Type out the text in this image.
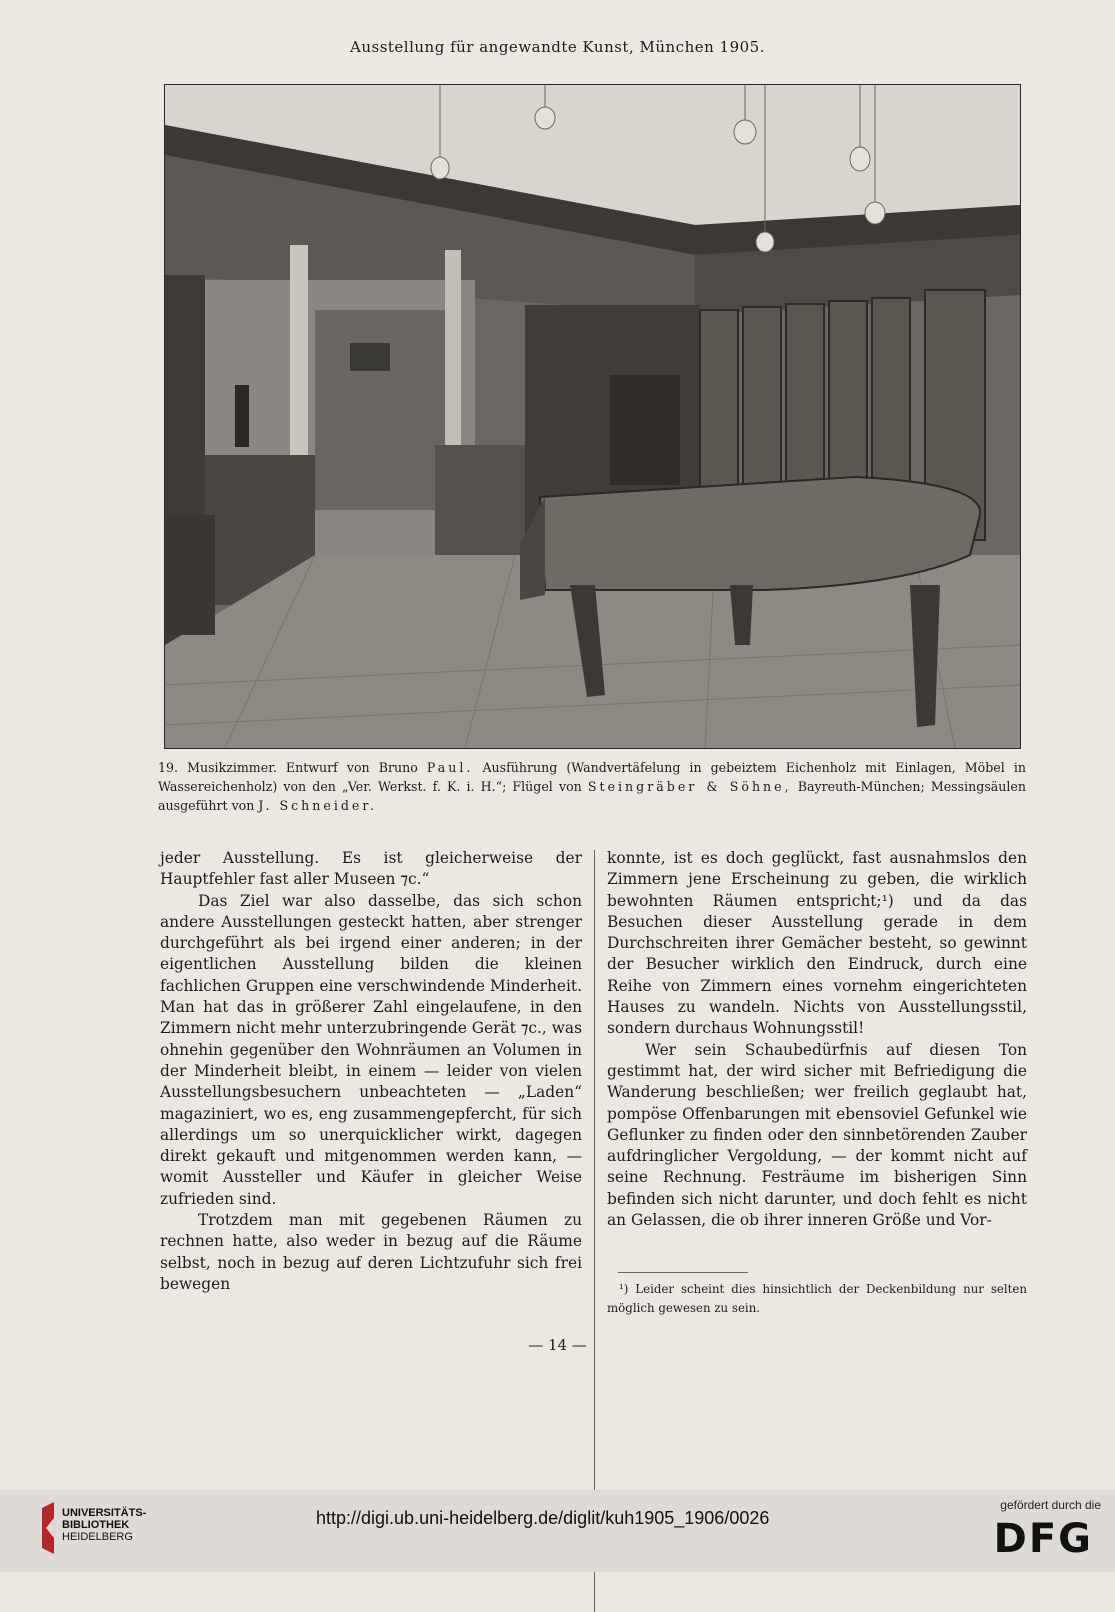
Ausstellung für angewandte Kunst, München 1905.
19. Musikzimmer. Entwurf von Bruno Paul. Ausführung (Wandvertäfelung in gebeiztem Eichenholz mit Einlagen, Möbel in Wassereichenholz) von den „Ver. Werkst. f. K. i. H.“; Flügel von Steingräber & Söhne, Bayreuth-München; Messingsäulen ausgeführt von J. Schneider.

jeder Ausstellung. Es ist gleicherweise der Hauptfehler fast aller Museen ⁊c.“

Das Ziel war also dasselbe, das sich schon andere Ausstellungen gesteckt hatten, aber strenger durchgeführt als bei irgend einer anderen; in der eigentlichen Ausstellung bilden die kleinen fachlichen Gruppen eine verschwindende Minderheit. Man hat das in größerer Zahl eingelaufene, in den Zimmern nicht mehr unterzubringende Gerät ⁊c., was ohnehin gegenüber den Wohnräumen an Volumen in der Minderheit bleibt, in einem — leider von vielen Ausstellungsbesuchern unbeachteten — „Laden“ magaziniert, wo es, eng zusammengepfercht, für sich allerdings um so unerquicklicher wirkt, dagegen direkt gekauft und mitgenommen werden kann, — womit Aussteller und Käufer in gleicher Weise zufrieden sind.

Trotzdem man mit gegebenen Räumen zu rechnen hatte, also weder in bezug auf die Räume selbst, noch in bezug auf deren Lichtzufuhr sich frei bewegen

konnte, ist es doch geglückt, fast ausnahmslos den Zimmern jene Erscheinung zu geben, die wirklich bewohnten Räumen entspricht;¹) und da das Besuchen dieser Ausstellung gerade in dem Durchschreiten ihrer Gemächer besteht, so gewinnt der Besucher wirklich den Eindruck, durch eine Reihe von Zimmern eines vornehm eingerichteten Hauses zu wandeln. Nichts von Ausstellungsstil, sondern durchaus Wohnungsstil!

Wer sein Schaubedürfnis auf diesen Ton gestimmt hat, der wird sicher mit Befriedigung die Wanderung beschließen; wer freilich geglaubt hat, pompöse Offenbarungen mit ebensoviel Gefunkel wie Geflunker zu finden oder den sinnbetörenden Zauber aufdringlicher Vergoldung, — der kommt nicht auf seine Rechnung. Festräume im bisherigen Sinn befinden sich nicht darunter, und doch fehlt es nicht an Gelassen, die ob ihrer inneren Größe und Vor-

¹) Leider scheint dies hinsichtlich der Deckenbildung nur selten möglich gewesen zu sein.
— 14 —
UNIVERSITÄTS-
BIBLIOTHEK
HEIDELBERG
http://digi.ub.uni-heidelberg.de/diglit/kuh1905_1906/0026
gefördert durch die
DFG
